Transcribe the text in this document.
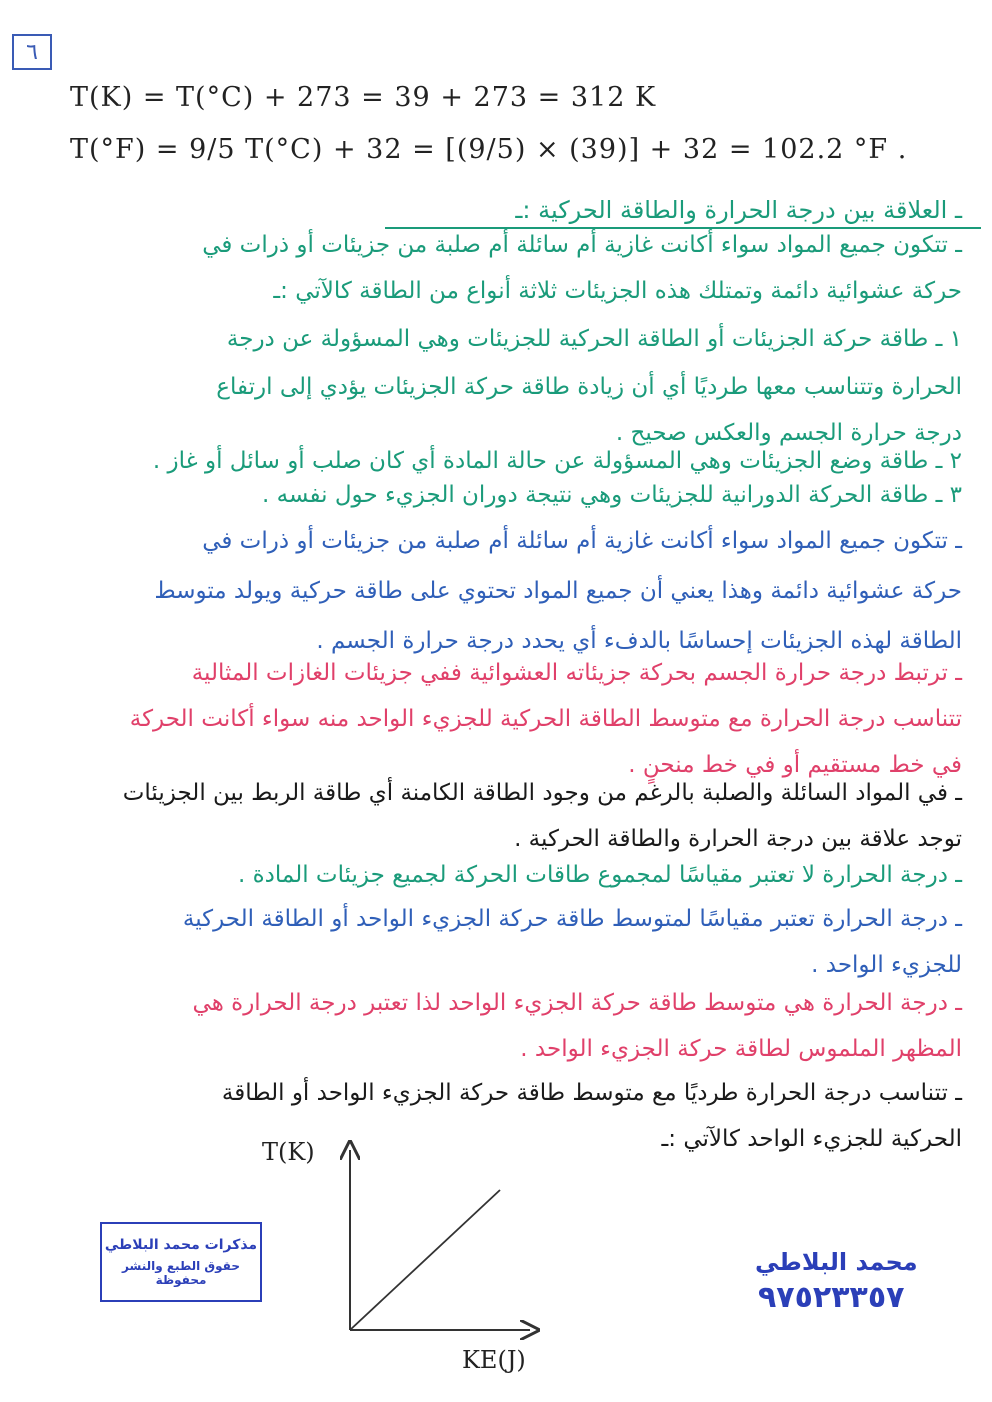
٦
T(K) = T(°C) + 273 = 39 + 273 = 312 K
T(°F) = 9/5 T(°C) + 32 = [(9/5) × (39)] + 32 = 102.2 °F .
ـ العلاقة بين درجة الحرارة والطاقة الحركية :ـ
ـ تتكون جميع المواد سواء أكانت غازية أم سائلة أم صلبة من جزيئات أو ذرات في
حركة عشوائية دائمة وتمتلك هذه الجزيئات ثلاثة أنواع من الطاقة كالآتي :ـ
١ ـ طاقة حركة الجزيئات أو الطاقة الحركية للجزيئات وهي المسؤولة عن درجة
الحرارة وتتناسب معها طرديًا أي أن زيادة طاقة حركة الجزيئات يؤدي إلى ارتفاع
درجة حرارة الجسم والعكس صحيح .
٢ ـ طاقة وضع الجزيئات وهي المسؤولة عن حالة المادة أي كان صلب أو سائل أو غاز .
٣ ـ طاقة الحركة الدورانية للجزيئات وهي نتيجة دوران الجزيء حول نفسه .
ـ تتكون جميع المواد سواء أكانت غازية أم سائلة أم صلبة من جزيئات أو ذرات في
حركة عشوائية دائمة وهذا يعني أن جميع المواد تحتوي على طاقة حركية ويولد متوسط
الطاقة لهذه الجزيئات إحساسًا بالدفء أي يحدد درجة حرارة الجسم .
ـ ترتبط درجة حرارة الجسم بحركة جزيئاته العشوائية ففي جزيئات الغازات المثالية
تتناسب درجة الحرارة مع متوسط الطاقة الحركية للجزيء الواحد منه سواء أكانت الحركة
في خط مستقيم أو في خط منحنٍ .
ـ في المواد السائلة والصلبة بالرغم من وجود الطاقة الكامنة أي طاقة الربط بين الجزيئات
توجد علاقة بين درجة الحرارة والطاقة الحركية .
ـ درجة الحرارة لا تعتبر مقياسًا لمجموع طاقات الحركة لجميع جزيئات المادة .
ـ درجة الحرارة تعتبر مقياسًا لمتوسط طاقة حركة الجزيء الواحد أو الطاقة الحركية
للجزيء الواحد .
ـ درجة الحرارة هي متوسط طاقة حركة الجزيء الواحد لذا تعتبر درجة الحرارة هي
المظهر الملموس لطاقة حركة الجزيء الواحد .
ـ تتناسب درجة الحرارة طرديًا مع متوسط طاقة حركة الجزيء الواحد أو الطاقة
الحركية للجزيء الواحد كالآتي :ـ
T(K)
KE(J)
مذكرات محمد البلاطي
حقوق الطبع والنشر محفوظة
محمد البلاطي
٩٧٥٢٣٣٥٧
